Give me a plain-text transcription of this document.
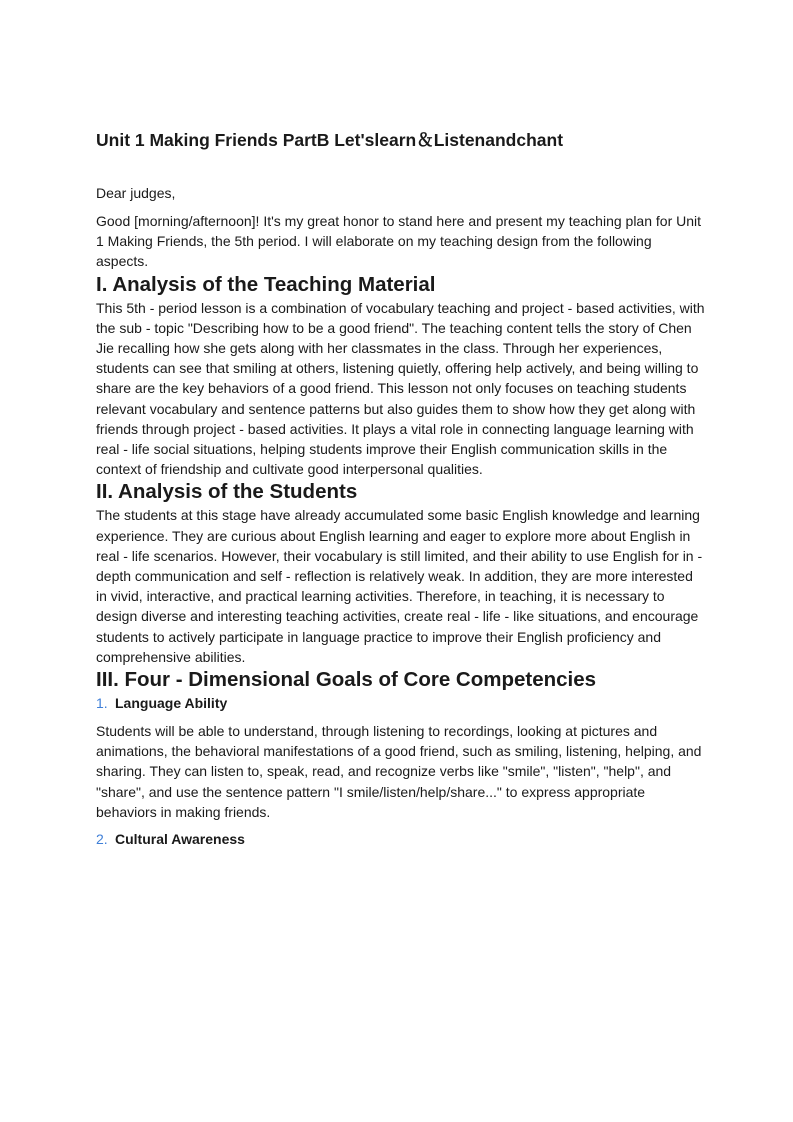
Unit 1 Making Friends PartB Let'slearn＆Listenandchant
Dear judges,

Good [morning/afternoon]! It's my great honor to stand here and present my teaching plan for Unit 1 Making Friends, the 5th period. I will elaborate on my teaching design from the following aspects.

I. Analysis of the Teaching Material

This 5th - period lesson is a combination of vocabulary teaching and project - based activities, with the sub - topic "Describing how to be a good friend". The teaching content tells the story of Chen Jie recalling how she gets along with her classmates in the class. Through her experiences, students can see that smiling at others, listening quietly, offering help actively, and being willing to share are the key behaviors of a good friend. This lesson not only focuses on teaching students relevant vocabulary and sentence patterns but also guides them to show how they get along with friends through project - based activities. It plays a vital role in connecting language learning with real - life social situations, helping students improve their English communication skills in the context of friendship and cultivate good interpersonal qualities.

II. Analysis of the Students

The students at this stage have already accumulated some basic English knowledge and learning experience. They are curious about English learning and eager to explore more about English in real - life scenarios. However, their vocabulary is still limited, and their ability to use English for in - depth communication and self - reflection is relatively weak. In addition, they are more interested in vivid, interactive, and practical learning activities. Therefore, in teaching, it is necessary to design diverse and interesting teaching activities, create real - life - like situations, and encourage students to actively participate in language practice to improve their English proficiency and comprehensive abilities.

III. Four - Dimensional Goals of Core Competencies
1. Language Ability

Students will be able to understand, through listening to recordings, looking at pictures and animations, the behavioral manifestations of a good friend, such as smiling, listening, helping, and sharing. They can listen to, speak, read, and recognize verbs like "smile", "listen", "help", and "share", and use the sentence pattern "I smile/listen/help/share..." to express appropriate behaviors in making friends.

2. Cultural Awareness
